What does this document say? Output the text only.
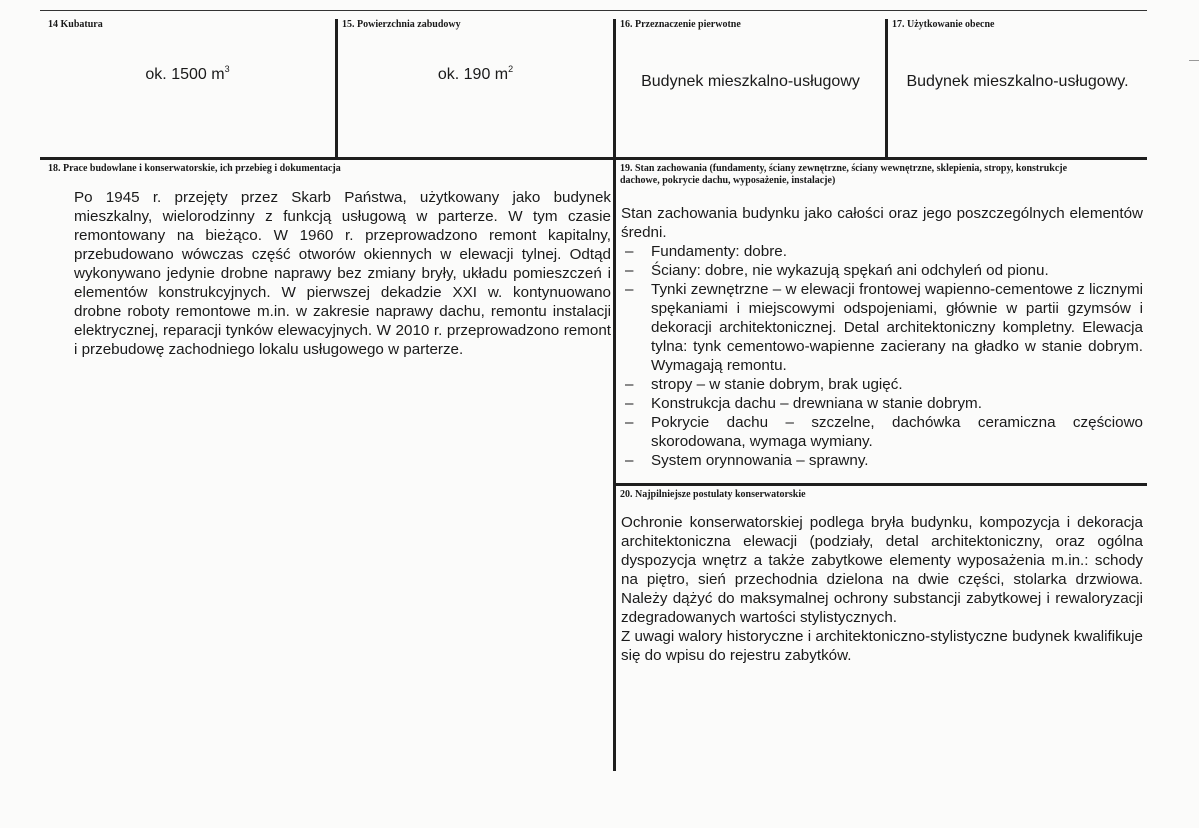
14 Kubatura
ok. 1500 $m^3$
15. Powierzchnia zabudowy
ok. 190 $m^2$
16. Przeznaczenie pierwotne
Budynek mieszkalno-usługowy
17. Użytkowanie obecne
Budynek mieszkalno-usługowy.
18. Prace budowlane i konserwatorskie, ich przebieg i dokumentacja
Po 1945 r. przejęty przez Skarb Państwa, użytkowany jako budynek mieszkalny, wielorodzinny z funkcją usługową w parterze. W tym czasie remontowany na bieżąco. W 1960 r. przeprowadzono remont kapitalny, przebudowano wówczas część otworów okiennych w elewacji tylnej. Odtąd wykonywano jedynie drobne naprawy bez zmiany bryły, układu pomieszczeń i elementów konstrukcyjnych. W pierwszej dekadzie XXI w. kontynuowano drobne roboty remontowe m.in. w zakresie naprawy dachu, remontu instalacji elektrycznej, reparacji tynków elewacyjnych. W 2010 r. przeprowadzono remont i przebudowę zachodniego lokalu usługowego w parterze.
19. Stan zachowania (fundamenty, ściany zewnętrzne, ściany wewnętrzne, sklepienia, stropy, konstrukcje
dachowe, pokrycie dachu, wyposażenie, instalacje)

Stan zachowania budynku jako całości oraz jego poszczególnych elementów średni.

– Fundamenty: dobre.
– Ściany: dobre, nie wykazują spękań ani odchyleń od pionu.
– Tynki zewnętrzne – w elewacji frontowej wapienno-cementowe z licznymi spękaniami i miejscowymi odspojeniami, głównie w partii gzymsów i dekoracji architektonicznej. Detal architektoniczny kompletny. Elewacja tylna: tynk cementowo-wapienne zacierany na gładko w stanie dobrym. Wymagają remontu.
– stropy – w stanie dobrym, brak ugięć.
– Konstrukcja dachu – drewniana w stanie dobrym.
– Pokrycie dachu – szczelne, dachówka ceramiczna częściowo skorodowana, wymaga wymiany.
– System orynnowania – sprawny.
20. Najpilniejsze postulaty konserwatorskie

Ochronie konserwatorskiej podlega bryła budynku, kompozycja i dekoracja architektoniczna elewacji (podziały, detal architektoniczny, oraz ogólna dyspozycja wnętrz a także zabytkowe elementy wyposażenia m.in.: schody na piętro, sień przechodnia dzielona na dwie części, stolarka drzwiowa. Należy dążyć do maksymalnej ochrony substancji zabytkowej i rewaloryzacji zdegradowanych wartości stylistycznych.

Z uwagi walory historyczne i architektoniczno-stylistyczne budynek kwalifikuje się do wpisu do rejestru zabytków.
